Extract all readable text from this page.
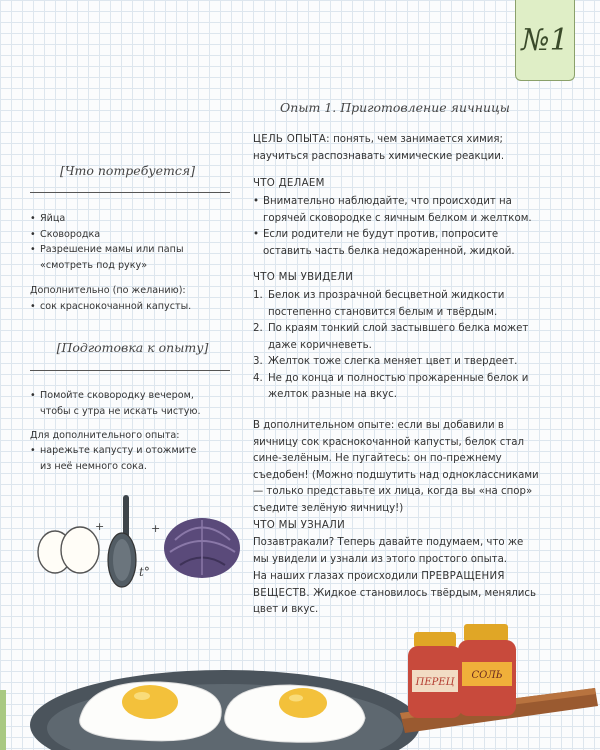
№1
[Что потребуется]
• Яйца
• Сковородка
• Разрешение мамы или папы «смотреть под руку»
Дополнительно (по желанию):
• сок краснокочанной капусты.
[Подготовка к опыту]
• Помойте сковородку вечером, чтобы с утра не искать чистую.
Для дополнительного опыта:
• нарежьте капусту и отожмите из неё немного сока.
+
t°
+
Опыт 1. Приготовление яичницы
ЦЕЛЬ ОПЫТА: понять, чем занимается химия; научиться распознавать химические реакции.
ЧТО ДЕЛАЕМ
• Внимательно наблюдайте, что происходит на горячей сковородке с яичным белком и желтком.
• Если родители не будут против, попросите оставить часть белка недожаренной, жидкой.
ЧТО МЫ УВИДЕЛИ
1. Белок из прозрачной бесцветной жидкости постепенно становится белым и твёрдым.
2. По краям тонкий слой застывшего белка может даже коричневеть.
3. Желток тоже слегка меняет цвет и твердеет.
4. Не до конца и полностью прожаренные белок и желток разные на вкус.
В дополнительном опыте: если вы добавили в яичницу сок краснокочанной капусты, белок стал сине-зелёным. Не пугайтесь: он по-прежнему съедобен! (Можно подшутить над одноклассниками — только представьте их лица, когда вы «на спор» съедите зелёную яичницу!)
ЧТО МЫ УЗНАЛИ
Позавтракали? Теперь давайте подумаем, что же мы увидели и узнали из этого простого опыта.
На наших глазах происходили ПРЕВРАЩЕНИЯ ВЕЩЕСТВ. Жидкое становилось твёрдым, менялись цвет и вкус.
ПЕРЕЦ
СОЛЬ
